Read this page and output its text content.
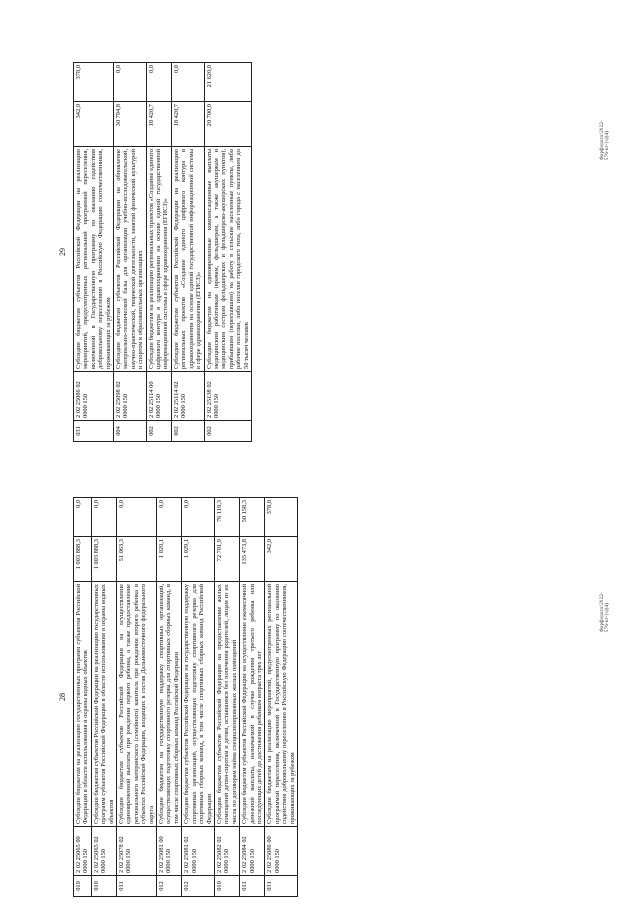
29
031	2 02 25086 02 0000 150	Субсидии бюджетам субъектов Российской Федерации на реализацию мероприятий, предусмотренных региональной программой переселения, включенной в Государственную программу по оказанию содействия добровольному переселению в Российскую Федерацию соотечественников, проживающих за рубежом	342,0	378,0
004	2 02 25098 02 0000 150	Субсидии бюджетам субъектов Российской Федерации на обновление материально-технической базы для организации учебно-исследовательской, научно-практической, творческой деятельности, занятий физической культурой и спортом в образовательных организациях	30 794,8	0,0
002	2 02 25114 00 0000 150	Субсидии бюджетам на реализацию региональных проектов «Создание единого цифрового контура в здравоохранении на основе единой государственной информационной системы в сфере здравоохранения (ЕГИСЗ)»	18 420,7	0,0
002	2 02 25114 02 0000 150	Субсидии бюджетам субъектов Российской Федерации на реализацию региональных проектов «Создание единого цифрового контура в здравоохранении на основе единой государственной информационной системы в сфере здравоохранения (ЕГИСЗ)»	18 420,7	0,0
002	2 02 25138 02 0000 150	Субсидии бюджетам на единовременные компенсационные выплаты медицинским работникам (врачам, фельдшерам, а также акушеркам и медицинским сестрам фельдшерских и фельдшерско-акушерских пунктов), прибывшим (переехавшим) на работу в сельские населенные пункты, либо рабочие поселки, либо поселки городского типа, либо города с населением до 50 тысяч человек	20 700,0	21 620,0
Фарфорктл/2022-576-кт-(з)(4)
28
010	2 02 25065 00 0000 150	Субсидии бюджетам на реализацию государственных программ субъектов Российской Федерации в области использования и охраны водных объектов	1 003 888,3	0,0
010	2 02 25065 02 0000 150	Субсидии бюджетам субъектов Российской Федерации на реализацию государственных программ субъектов Российской Федерации в области использования и охраны водных объектов	1 003 888,3	0,0
011	2 02 25078 02 0000 150	Субсидии бюджетам субъектов Российской Федерации на осуществление единовременной выплаты при рождении первого ребенка, а также предоставление регионального материнского (семейного) капитала при рождении второго ребенка в субъектах Российской Федерации, входящих в состав Дальневосточного федерального округа	51 063,3	0,0
012	2 02 25081 00 0000 150	Субсидии бюджетам на государственную поддержку спортивных организаций, осуществляющих подготовку спортивного резерва для спортивных сборных команд, в том числе спортивных сборных команд Российской Федерации	1 029,1	0,0
012	2 02 25081 02 0000 150	Субсидии бюджетам субъектов Российской Федерации на государственную поддержку спортивных организаций, осуществляющих подготовку спортивного резерва для спортивных сборных команд, в том числе спортивных сборных команд Российской Федерации	1 029,1	0,0
010	2 02 25082 02 0000 150	Субсидии бюджетам субъектов Российской Федерации на предоставление жилых помещений детям-сиротам и детям, оставшимся без попечения родителей, лицам из их числа по договорам найма специализированных жилых помещений	72 701,9	76 119,3
011	2 02 25084 02 0000 150	Субсидии бюджетам субъектов Российской Федерации на осуществление ежемесячной денежной выплаты, назначаемой в случае рождения третьего ребенка или последующих детей до достижения ребенком возраста трех лет	135 473,8	50 158,3
031	2 02 25086 00 0000 150	Субсидии бюджетам на реализацию мероприятий, предусмотренных региональной программой переселения, включенной в Государственную программу по оказанию содействия добровольному переселению в Российскую Федерацию соотечественников, проживающих за рубежом	342,0	378,0
Фарфорктл/2022-576-кт-(з)(4)
